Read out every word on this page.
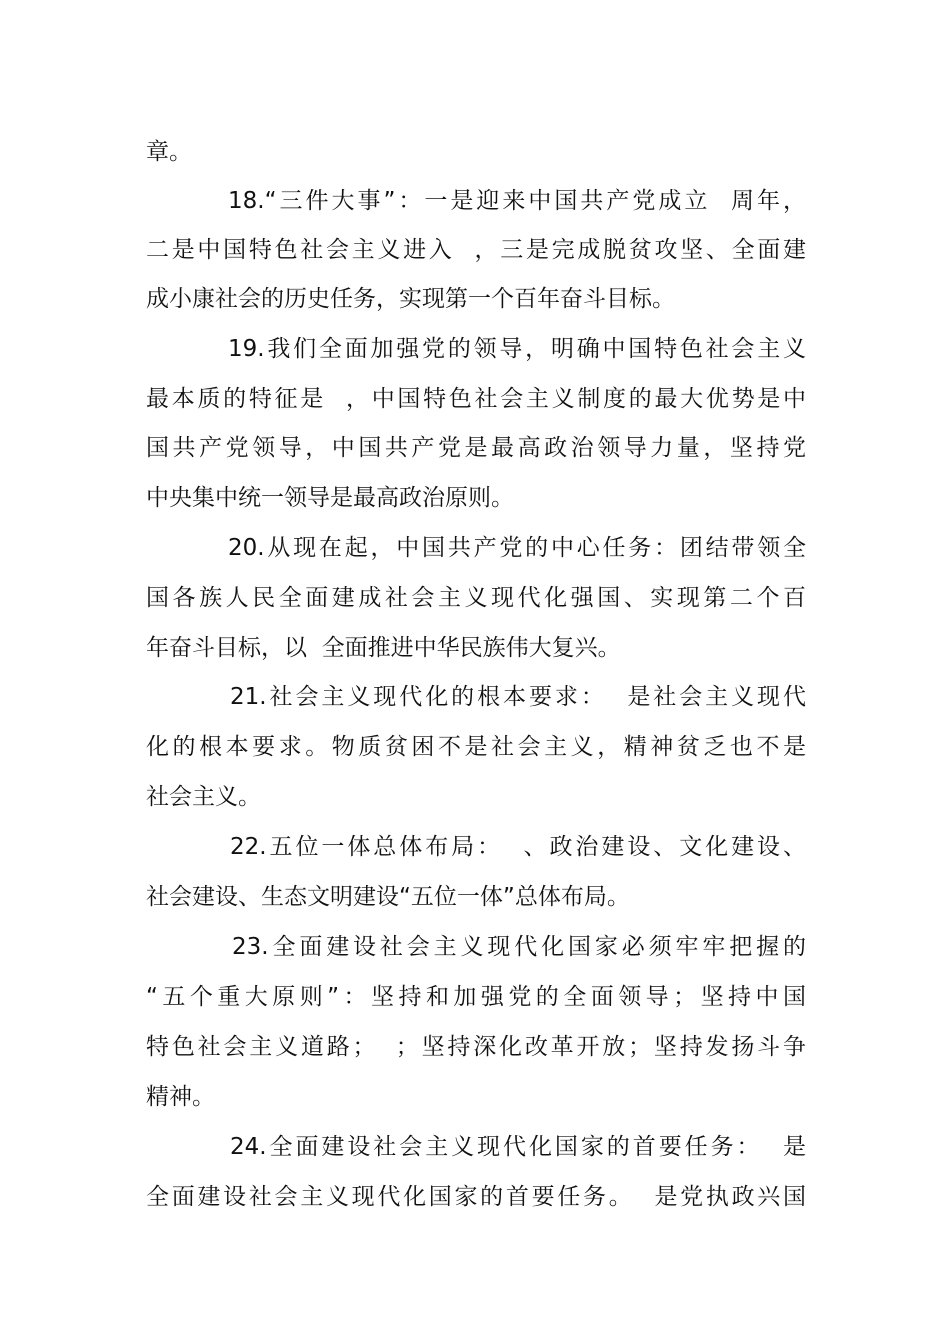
章。
18.“三件大事”：一是迎来中国共产党成立  周年，
二是中国特色社会主义进入  ，三是完成脱贫攻坚、全面建
成小康社会的历史任务，实现第一个百年奋斗目标。
19.我们全面加强党的领导，明确中国特色社会主义
最本质的特征是  ，中国特色社会主义制度的最大优势是中
国共产党领导，中国共产党是最高政治领导力量，坚持党
中央集中统一领导是最高政治原则。
20.从现在起，中国共产党的中心任务：团结带领全
国各族人民全面建成社会主义现代化强国、实现第二个百
年奋斗目标，以  全面推进中华民族伟大复兴。
21.社会主义现代化的根本要求：  是社会主义现代
化的根本要求。物质贫困不是社会主义，精神贫乏也不是
社会主义。
22.五位一体总体布局：  、政治建设、文化建设、
社会建设、生态文明建设“五位一体”总体布局。
23.全面建设社会主义现代化国家必须牢牢把握的
“五个重大原则”：坚持和加强党的全面领导；坚持中国
特色社会主义道路；  ；坚持深化改革开放；坚持发扬斗争
精神。
24.全面建设社会主义现代化国家的首要任务：  是
全面建设社会主义现代化国家的首要任务。  是党执政兴国
